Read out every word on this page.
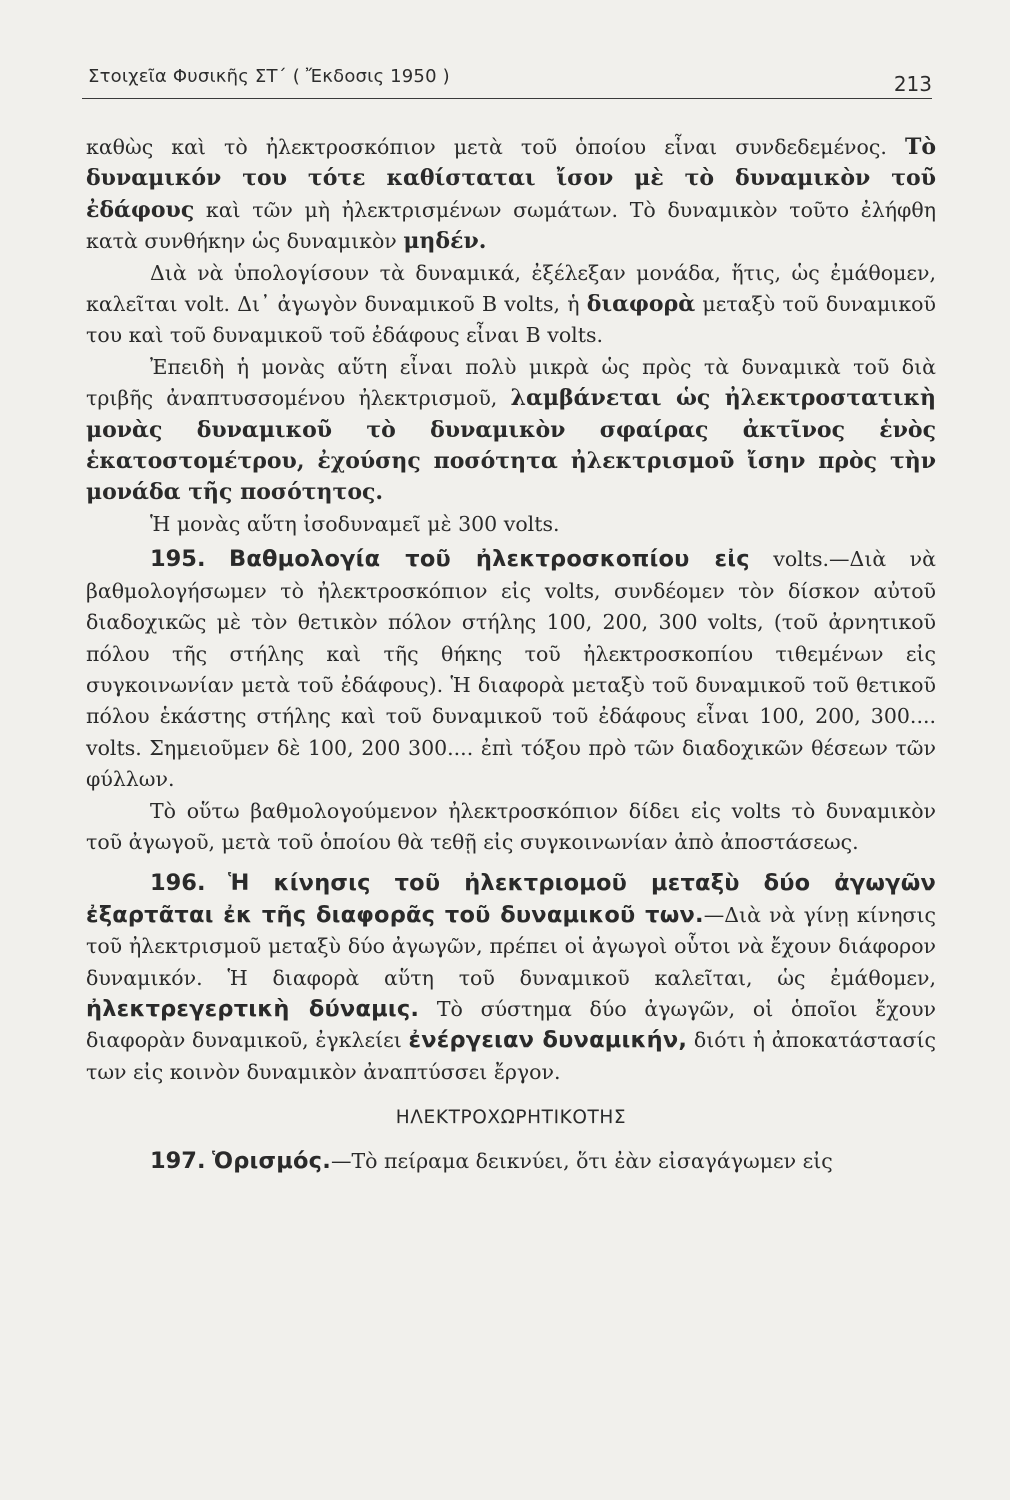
Στοιχεῖα Φυσικῆς ΣΤ΄ ( Ἔκδοσις 1950 )	213

καθὼς καὶ τὸ ἠλεκτροσκόπιον μετὰ τοῦ ὁποίου εἶναι συνδεδεμένος. Τὸ δυναμικόν του τότε καθίσταται ἴσον μὲ τὸ δυναμικὸν τοῦ ἐδάφους καὶ τῶν μὴ ἠλεκτρισμένων σωμάτων. Τὸ δυναμικὸν τοῦτο ἐλήφθη κατὰ συνθήκην ὡς δυναμικὸν μηδέν.

Διὰ νὰ ὑπολογίσουν τὰ δυναμικά, ἐξέλεξαν μονάδα, ἥτις, ὡς ἐμάθομεν, καλεῖται volt. Δι᾿ ἀγωγὸν δυναμικοῦ Β volts, ἡ διαφορὰ μεταξὺ τοῦ δυναμικοῦ του καὶ τοῦ δυναμικοῦ τοῦ ἐδάφους εἶναι Β volts.

Ἐπειδὴ ἡ μονὰς αὕτη εἶναι πολὺ μικρὰ ὡς πρὸς τὰ δυναμικὰ τοῦ διὰ τριβῆς ἀναπτυσσομένου ἠλεκτρισμοῦ, λαμβάνεται ὡς ἠλεκτροστατικὴ μονὰς δυναμικοῦ τὸ δυναμικὸν σφαίρας ἀκτῖνος ἑνὸς ἑκατοστομέτρου, ἐχούσης ποσότητα ἠλεκτρισμοῦ ἴσην πρὸς τὴν μονάδα τῆς ποσότητος.

Ἡ μονὰς αὕτη ἰσοδυναμεῖ μὲ 300 volts.

195. Βαθμολογία τοῦ ἠλεκτροσκοπίου εἰς volts.—Διὰ νὰ βαθμολογήσωμεν τὸ ἠλεκτροσκόπιον εἰς volts, συνδέομεν τὸν δίσκον αὐτοῦ διαδοχικῶς μὲ τὸν θετικὸν πόλον στήλης 100, 200, 300 volts, (τοῦ ἀρνητικοῦ πόλου τῆς στήλης καὶ τῆς θήκης τοῦ ἠλεκτροσκοπίου τιθεμένων εἰς συγκοινωνίαν μετὰ τοῦ ἐδάφους). Ἡ διαφορὰ μεταξὺ τοῦ δυναμικοῦ τοῦ θετικοῦ πόλου ἑκάστης στήλης καὶ τοῦ δυναμικοῦ τοῦ ἐδάφους εἶναι 100, 200, 300.... volts. Σημειοῦμεν δὲ 100, 200 300.... ἐπὶ τόξου πρὸ τῶν διαδοχικῶν θέσεων τῶν φύλλων.

Τὸ οὕτω βαθμολογούμενον ἠλεκτροσκόπιον δίδει εἰς volts τὸ δυναμικὸν τοῦ ἀγωγοῦ, μετὰ τοῦ ὁποίου θὰ τεθῇ εἰς συγκοινωνίαν ἀπὸ ἀποστάσεως.

196. Ἡ κίνησις τοῦ ἠλεκτριομοῦ μεταξὺ δύο ἀγωγῶν ἐξαρτᾶται ἐκ τῆς διαφορᾶς τοῦ δυναμικοῦ των.—Διὰ νὰ γίνῃ κίνησις τοῦ ἠλεκτρισμοῦ μεταξὺ δύο ἀγωγῶν, πρέπει οἱ ἀγωγοὶ οὗτοι νὰ ἔχουν διάφορον δυναμικόν. Ἡ διαφορὰ αὕτη τοῦ δυναμικοῦ καλεῖται, ὡς ἐμάθομεν, ἠλεκτρεγερτικὴ δύναμις. Τὸ σύστημα δύο ἀγωγῶν, οἱ ὁποῖοι ἔχουν διαφορὰν δυναμικοῦ, ἐγκλείει ἐνέργειαν δυναμικήν, διότι ἡ ἀποκατάστασίς των εἰς κοινὸν δυναμικὸν ἀναπτύσσει ἔργον.

ΗΛΕΚΤΡΟΧΩΡΗΤΙΚΟΤΗΣ

197. Ὁρισμός.—Τὸ πείραμα δεικνύει, ὅτι ἐὰν εἰσαγάγωμεν εἰς
